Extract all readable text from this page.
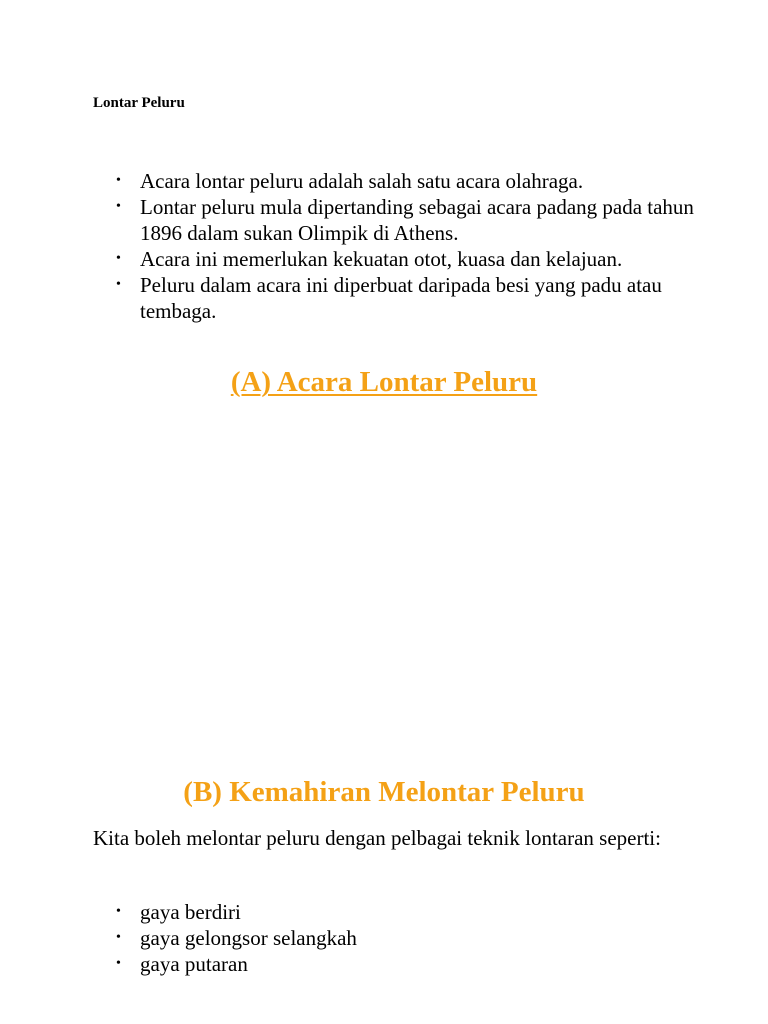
Lontar Peluru
• Acara lontar peluru adalah salah satu acara olahraga.
• Lontar peluru mula dipertanding sebagai acara padang pada tahun 1896 dalam sukan Olimpik di Athens.
• Acara ini memerlukan kekuatan otot, kuasa dan kelajuan.
• Peluru dalam acara ini diperbuat daripada besi yang padu atau tembaga.
(A) Acara Lontar Peluru
(B) Kemahiran Melontar Peluru

Kita boleh melontar peluru dengan pelbagai teknik lontaran seperti:

• gaya berdiri
• gaya gelongsor selangkah
• gaya putaran
